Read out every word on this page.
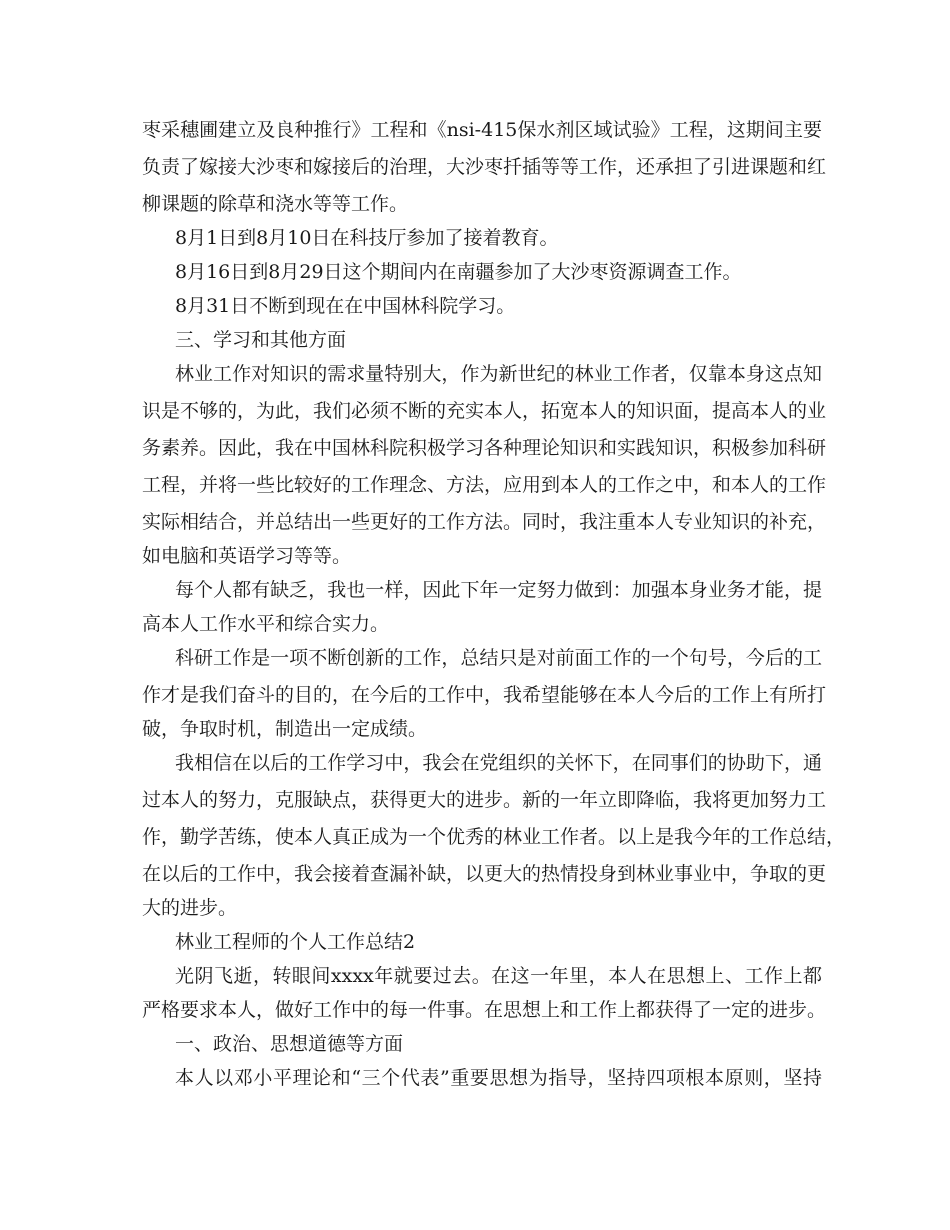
枣采穗圃建立及良种推行》工程和《nsi-415保水剂区域试验》工程，这期间主要
负责了嫁接大沙枣和嫁接后的治理，大沙枣扦插等等工作，还承担了引进课题和红
柳课题的除草和浇水等等工作。
8月1日到8月10日在科技厅参加了接着教育。
8月16日到8月29日这个期间内在南疆参加了大沙枣资源调查工作。
8月31日不断到现在在中国林科院学习。
三、学习和其他方面
林业工作对知识的需求量特别大，作为新世纪的林业工作者，仅靠本身这点知
识是不够的，为此，我们必须不断的充实本人，拓宽本人的知识面，提高本人的业
务素养。因此，我在中国林科院积极学习各种理论知识和实践知识，积极参加科研
工程，并将一些比较好的工作理念、方法，应用到本人的工作之中，和本人的工作
实际相结合，并总结出一些更好的工作方法。同时，我注重本人专业知识的补充，
如电脑和英语学习等等。
每个人都有缺乏，我也一样，因此下年一定努力做到：加强本身业务才能，提
高本人工作水平和综合实力。
科研工作是一项不断创新的工作，总结只是对前面工作的一个句号，今后的工
作才是我们奋斗的目的，在今后的工作中，我希望能够在本人今后的工作上有所打
破，争取时机，制造出一定成绩。
我相信在以后的工作学习中，我会在党组织的关怀下，在同事们的协助下，通
过本人的努力，克服缺点，获得更大的进步。新的一年立即降临，我将更加努力工
作，勤学苦练，使本人真正成为一个优秀的林业工作者。以上是我今年的工作总结，
在以后的工作中，我会接着查漏补缺，以更大的热情投身到林业事业中，争取的更
大的进步。
林业工程师的个人工作总结2
光阴飞逝，转眼间xxxx年就要过去。在这一年里，本人在思想上、工作上都
严格要求本人，做好工作中的每一件事。在思想上和工作上都获得了一定的进步。
一、政治、思想道德等方面
本人以邓小平理论和“三个代表”重要思想为指导，坚持四项根本原则，坚持
